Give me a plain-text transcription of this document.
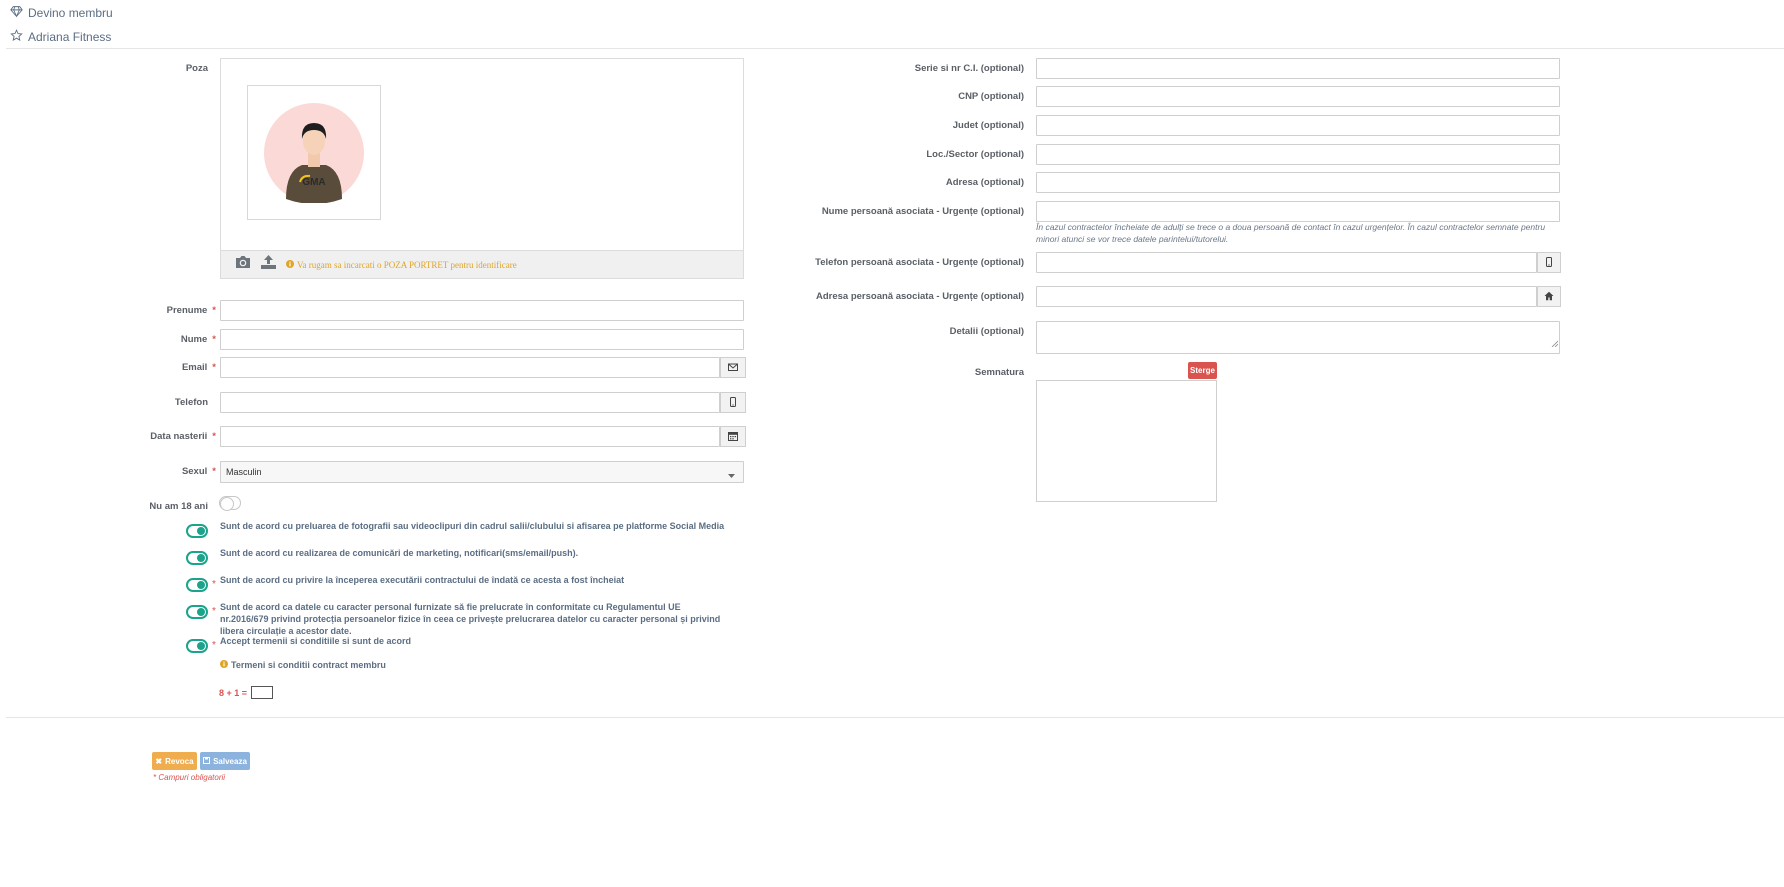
Devino membru
Adriana Fitness
Poza
GMA
Va rugam sa incarcati o POZA PORTRET pentru identificare
Prenume *
Nume *
Email *
Telefon
Data nasterii *
Sexul * Masculin
Nu am 18 ani
Sunt de acord cu preluarea de fotografii sau videoclipuri din cadrul salii/clubului si afisarea pe platforme Social Media
Sunt de acord cu realizarea de comunicări de marketing, notificari(sms/email/push).
* Sunt de acord cu privire la începerea executării contractului de îndată ce acesta a fost încheiat
* Sunt de acord ca datele cu caracter personal furnizate să fie prelucrate în conformitate cu Regulamentul UE nr.2016/679 privind protecția persoanelor fizice în ceea ce privește prelucrarea datelor cu caracter personal și privind libera circulație a acestor date.
* Accept termenii si conditiile si sunt de acord
Termeni si conditii contract membru
8 + 1 =
✖ Revoca Salveaza
* Campuri obligatorii
Serie si nr C.I. (optional)
CNP (optional)
Judet (optional)
Loc./Sector (optional)
Adresa (optional)
Nume persoană asociata - Urgențe (optional)
În cazul contractelor încheiate de adulți se trece o a doua persoană de contact în cazul urgențelor. În cazul contractelor semnate pentru minori atunci se vor trece datele parintelui/tutorelui.
Telefon persoană asociata - Urgențe (optional)
Adresa persoană asociata - Urgențe (optional)
Detalii (optional)
Semnatura	Sterge
